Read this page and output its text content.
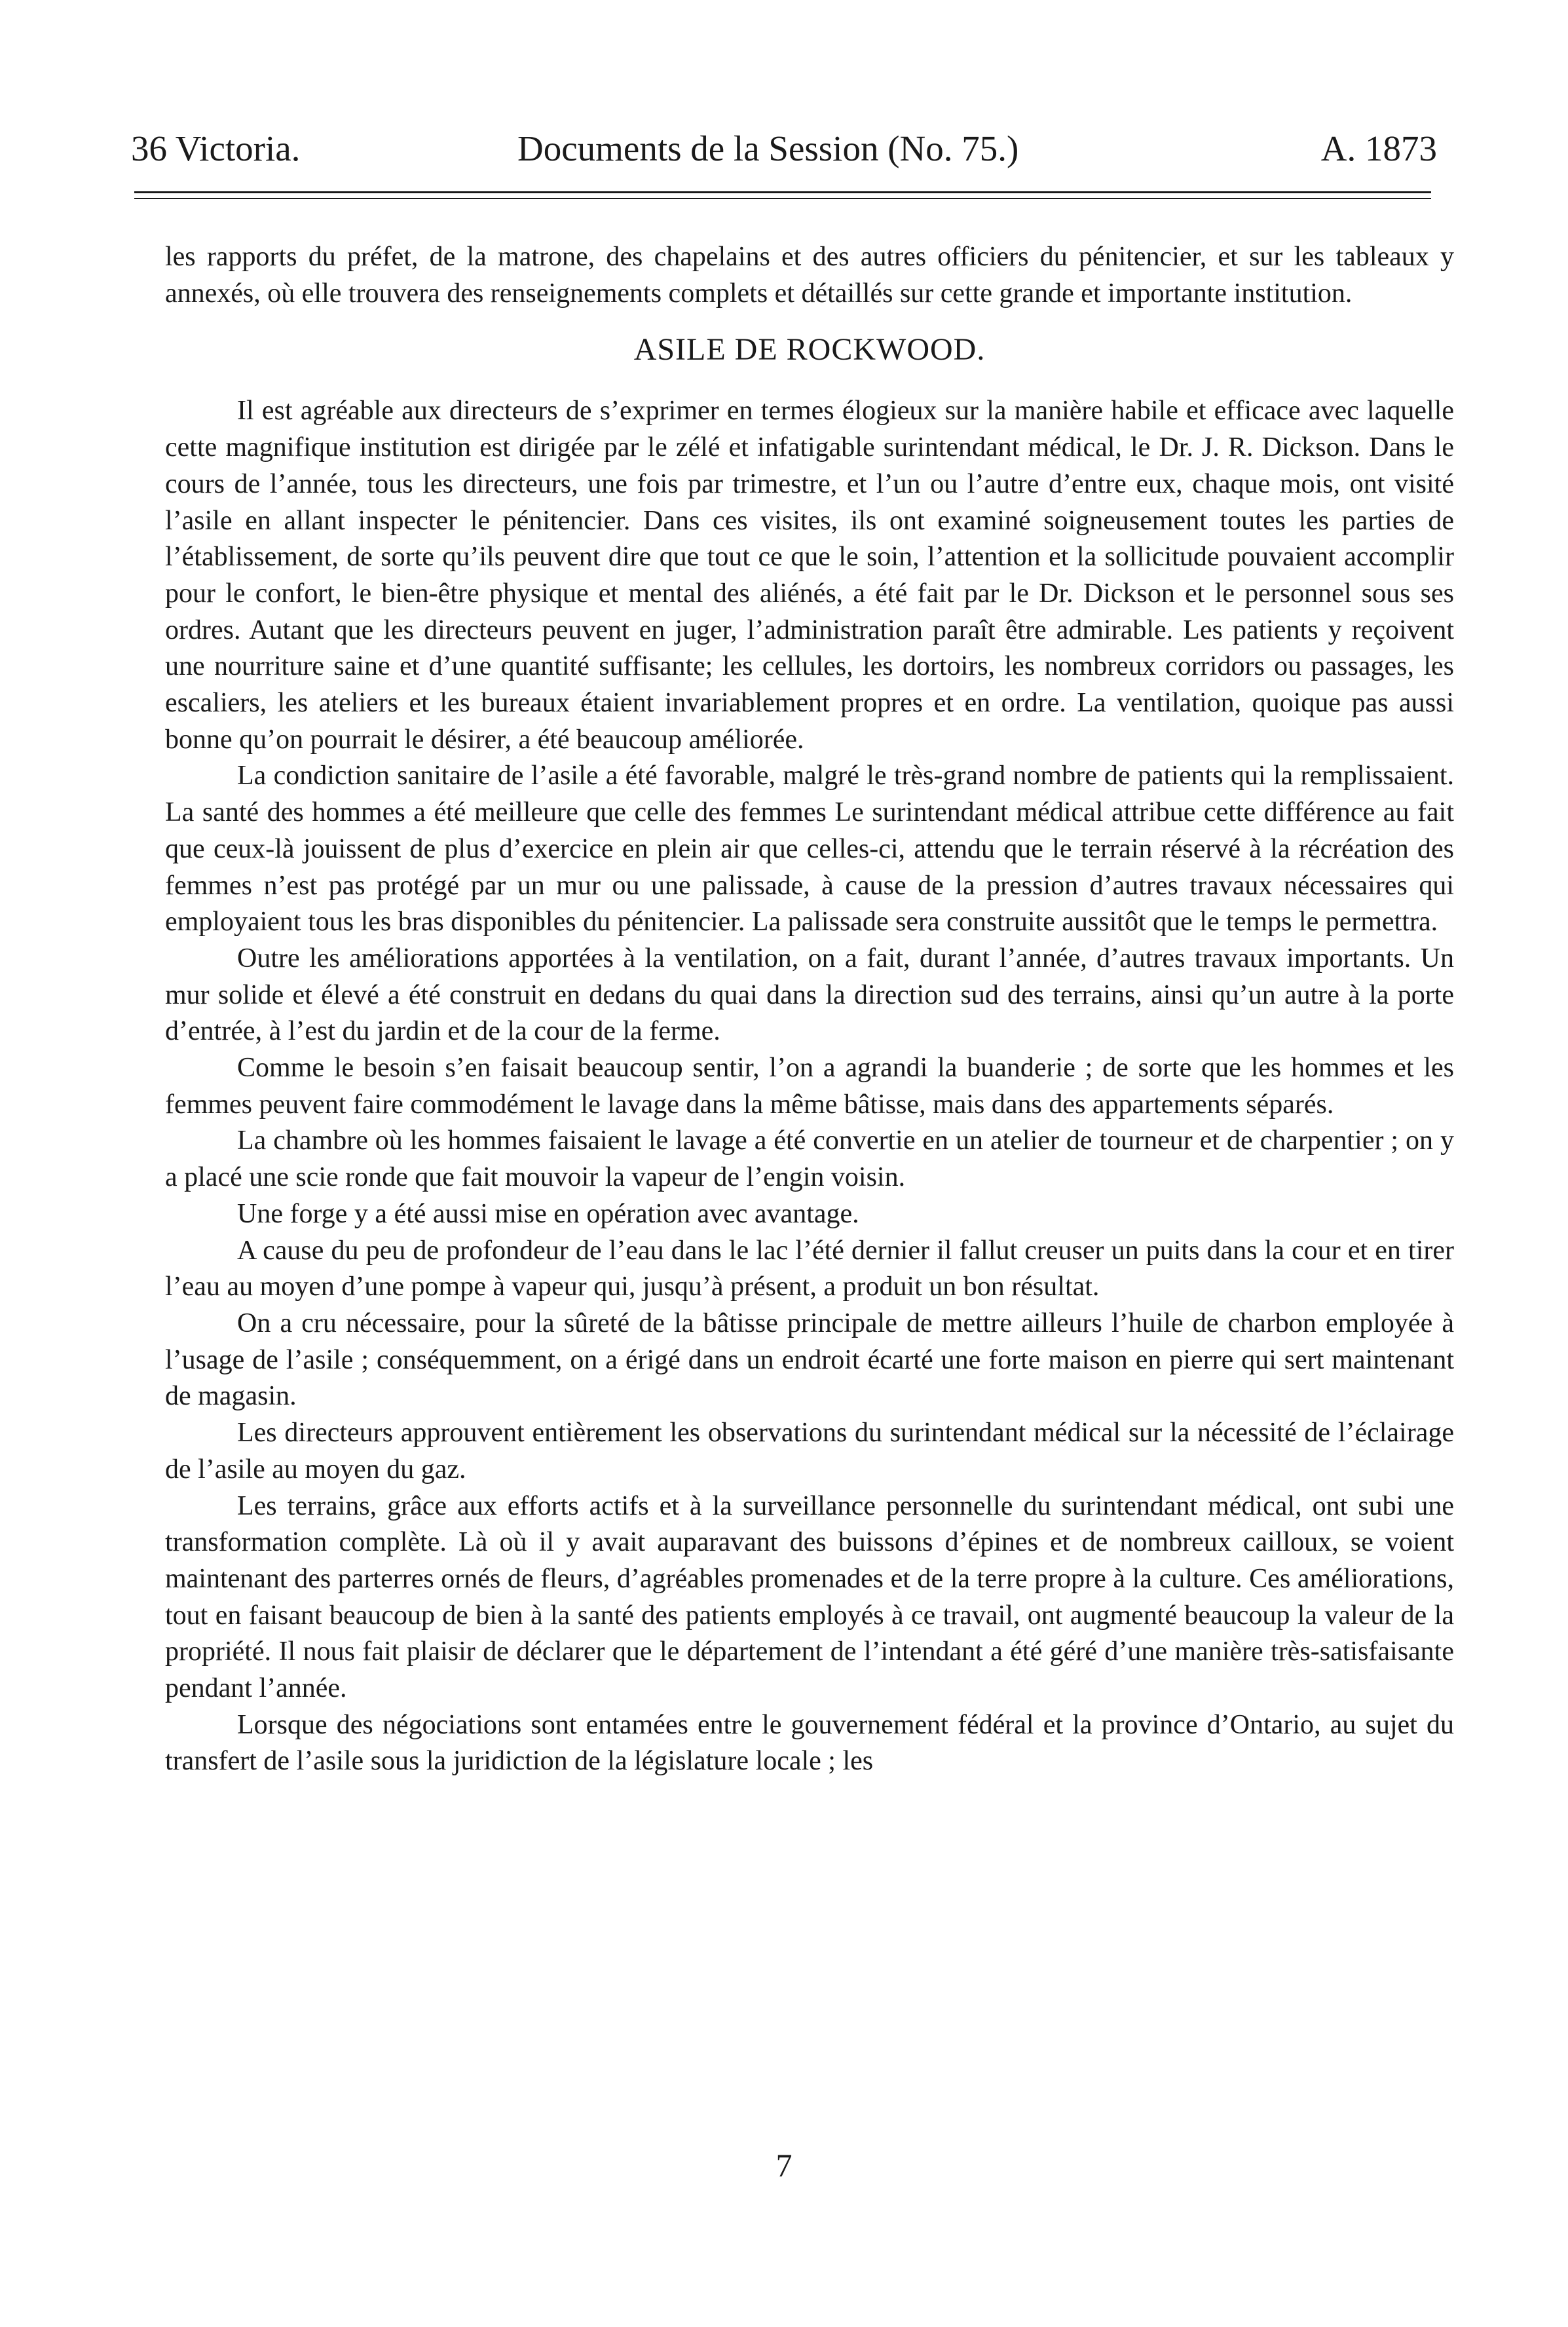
36 Victoria.	Documents de la Session (No. 75.)	A. 1873

les rapports du préfet, de la matrone, des chapelains et des autres officiers du pénitencier, et sur les tableaux y annexés, où elle trouvera des renseignements complets et détaillés sur cette grande et importante institution.

ASILE DE ROCKWOOD.

Il est agréable aux directeurs de s’exprimer en termes élogieux sur la manière habile et efficace avec laquelle cette magnifique institution est dirigée par le zélé et infatigable surintendant médical, le Dr. J. R. Dickson. Dans le cours de l’année, tous les directeurs, une fois par trimestre, et l’un ou l’autre d’entre eux, chaque mois, ont visité l’asile en allant inspecter le pénitencier. Dans ces visites, ils ont examiné soigneusement toutes les parties de l’établissement, de sorte qu’ils peuvent dire que tout ce que le soin, l’attention et la sollicitude pouvaient accomplir pour le confort, le bien-être physique et mental des aliénés, a été fait par le Dr. Dickson et le personnel sous ses ordres. Autant que les directeurs peuvent en juger, l’administration paraît être admirable. Les patients y reçoivent une nourriture saine et d’une quantité suffisante; les cellules, les dortoirs, les nombreux corridors ou passages, les escaliers, les ateliers et les bureaux étaient invariablement propres et en ordre. La ventilation, quoique pas aussi bonne qu’on pourrait le désirer, a été beaucoup améliorée.

La condiction sanitaire de l’asile a été favorable, malgré le très-grand nombre de patients qui la remplissaient. La santé des hommes a été meilleure que celle des femmes Le surintendant médical attribue cette différence au fait que ceux-là jouissent de plus d’exercice en plein air que celles-ci, attendu que le terrain réservé à la récréation des femmes n’est pas protégé par un mur ou une palissade, à cause de la pression d’autres travaux nécessaires qui employaient tous les bras disponibles du pénitencier. La palissade sera construite aussitôt que le temps le permettra.

Outre les améliorations apportées à la ventilation, on a fait, durant l’année, d’autres travaux importants. Un mur solide et élevé a été construit en dedans du quai dans la direction sud des terrains, ainsi qu’un autre à la porte d’entrée, à l’est du jardin et de la cour de la ferme.

Comme le besoin s’en faisait beaucoup sentir, l’on a agrandi la buanderie ; de sorte que les hommes et les femmes peuvent faire commodément le lavage dans la même bâtisse, mais dans des appartements séparés.

La chambre où les hommes faisaient le lavage a été convertie en un atelier de tourneur et de charpentier ; on y a placé une scie ronde que fait mouvoir la vapeur de l’engin voisin.

Une forge y a été aussi mise en opération avec avantage.

A cause du peu de profondeur de l’eau dans le lac l’été dernier il fallut creuser un puits dans la cour et en tirer l’eau au moyen d’une pompe à vapeur qui, jusqu’à présent, a produit un bon résultat.

On a cru nécessaire, pour la sûreté de la bâtisse principale de mettre ailleurs l’huile de charbon employée à l’usage de l’asile ; conséquemment, on a érigé dans un endroit écarté une forte maison en pierre qui sert maintenant de magasin.

Les directeurs approuvent entièrement les observations du surintendant médical sur la nécessité de l’éclairage de l’asile au moyen du gaz.

Les terrains, grâce aux efforts actifs et à la surveillance personnelle du surintendant médical, ont subi une transformation complète. Là où il y avait auparavant des buissons d’épines et de nombreux cailloux, se voient maintenant des parterres ornés de fleurs, d’agréables promenades et de la terre propre à la culture. Ces améliorations, tout en faisant beaucoup de bien à la santé des patients employés à ce travail, ont augmenté beaucoup la valeur de la propriété. Il nous fait plaisir de déclarer que le département de l’intendant a été géré d’une manière très-satisfaisante pendant l’année.

Lorsque des négociations sont entamées entre le gouvernement fédéral et la province d’Ontario, au sujet du transfert de l’asile sous la juridiction de la législature locale ; les

7
